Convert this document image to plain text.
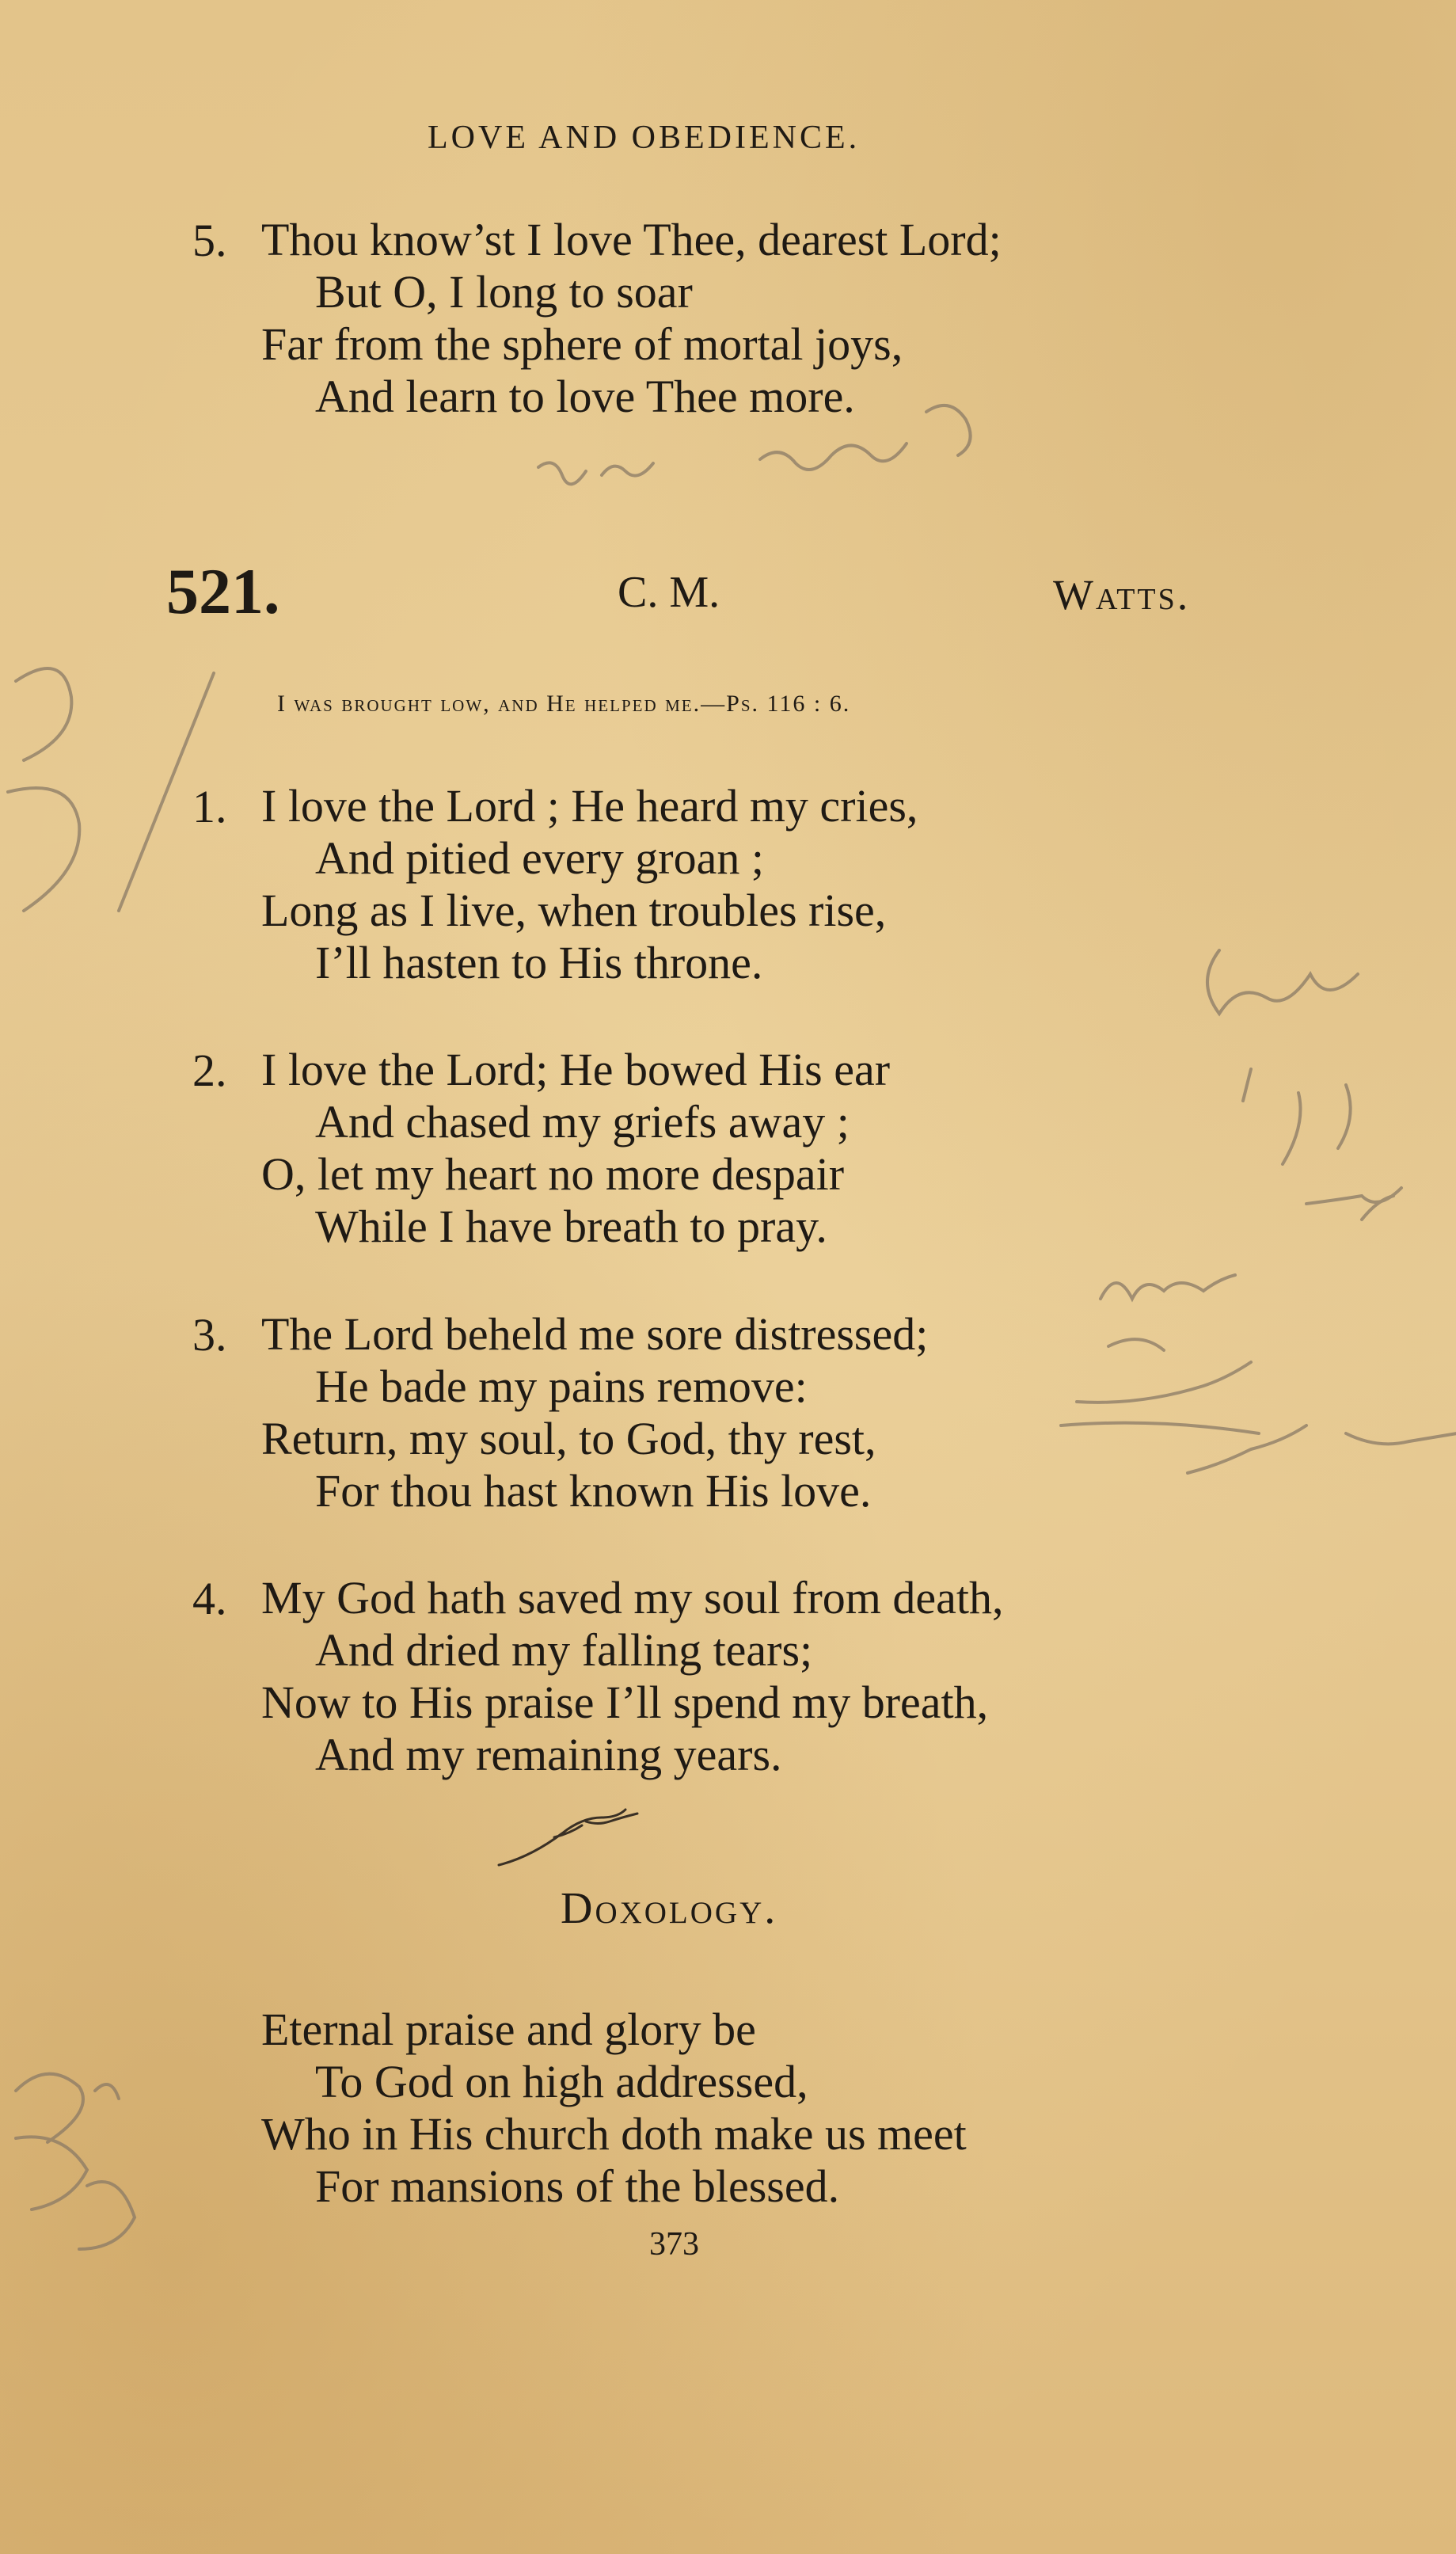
LOVE AND OBEDIENCE.
5. Thou know’st I love Thee, dearest Lord;
But O, I long to soar
Far from the sphere of mortal joys,
And learn to love Thee more.
521.	C. M.	Watts.
I was brought low, and He helped me.—Ps. 116 : 6.
1. I love the Lord ; He heard my cries,
And pitied every groan ;
Long as I live, when troubles rise,
I’ll hasten to His throne.
2. I love the Lord; He bowed His ear
And chased my griefs away ;
O, let my heart no more despair
While I have breath to pray.
3. The Lord beheld me sore distressed;
He bade my pains remove:
Return, my soul, to God, thy rest,
For thou hast known His love.
4. My God hath saved my soul from death,
And dried my falling tears;
Now to His praise I’ll spend my breath,
And my remaining years.
Doxology.
Eternal praise and glory be
To God on high addressed,
Who in His church doth make us meet
For mansions of the blessed.
373
